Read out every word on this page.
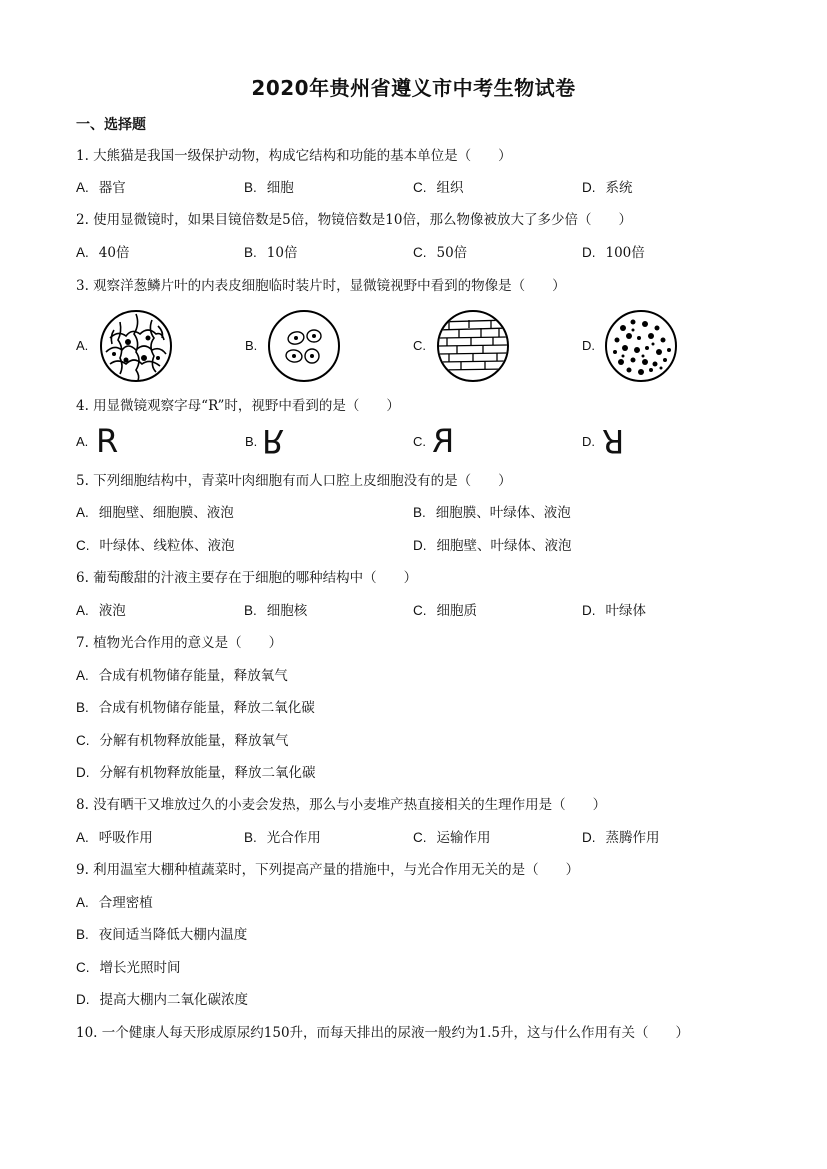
2020年贵州省遵义市中考生物试卷
一、选择题
1. 大熊猫是我国一级保护动物，构成它结构和功能的基本单位是（　　）
A. 器官	B. 细胞	C. 组织	D. 系统
2. 使用显微镜时，如果目镜倍数是5倍，物镜倍数是10倍，那么物像被放大了多少倍（　　）
A. 40倍	B. 10倍	C. 50倍	D. 100倍
3. 观察洋葱鳞片叶的内表皮细胞临时装片时，显微镜视野中看到的物像是（　　）
A.	B.	C.	D.
4. 用显微镜观察字母“R”时，视野中看到的是（　　）
A. R	B. R	C. R	D. R
5. 下列细胞结构中，青菜叶肉细胞有而人口腔上皮细胞没有的是（　　）
A. 细胞壁、细胞膜、液泡	B. 细胞膜、叶绿体、液泡
C. 叶绿体、线粒体、液泡	D. 细胞壁、叶绿体、液泡
6. 葡萄酸甜的汁液主要存在于细胞的哪种结构中（　　）
A. 液泡	B. 细胞核	C. 细胞质	D. 叶绿体
7. 植物光合作用的意义是（　　）
A. 合成有机物储存能量，释放氧气
B. 合成有机物储存能量，释放二氧化碳
C. 分解有机物释放能量，释放氧气
D. 分解有机物释放能量，释放二氧化碳
8. 没有晒干又堆放过久的小麦会发热，那么与小麦堆产热直接相关的生理作用是（　　）
A. 呼吸作用	B. 光合作用	C. 运输作用	D. 蒸腾作用
9. 利用温室大棚种植蔬菜时，下列提高产量的措施中，与光合作用无关的是（　　）
A. 合理密植
B. 夜间适当降低大棚内温度
C. 增长光照时间
D. 提高大棚内二氧化碳浓度
10. 一个健康人每天形成原尿约150升，而每天排出的尿液一般约为1.5升，这与什么作用有关（　　）
